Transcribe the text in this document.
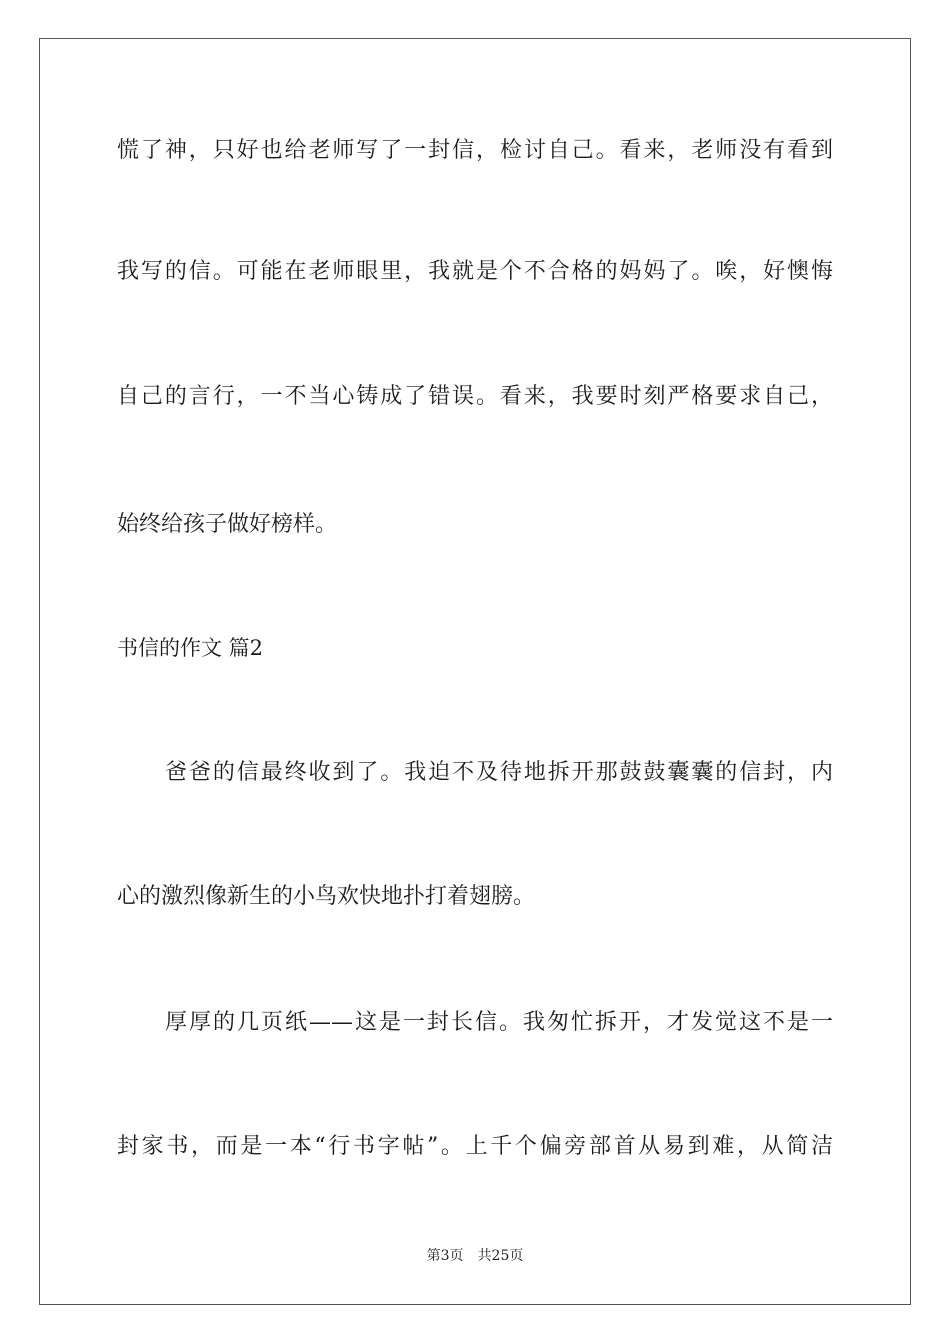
慌了神，只好也给老师写了一封信，检讨自己。看来，老师没有看到
我写的信。可能在老师眼里，我就是个不合格的妈妈了。唉，好懊悔
自己的言行，一不当心铸成了错误。看来，我要时刻严格要求自己，
始终给孩子做好榜样。
书信的作文 篇2
爸爸的信最终收到了。我迫不及待地拆开那鼓鼓囊囊的信封，内
心的激烈像新生的小鸟欢快地扑打着翅膀。
厚厚的几页纸——这是一封长信。我匆忙拆开，才发觉这不是一
封家书，而是一本“行书字帖”。上千个偏旁部首从易到难，从简洁
第3页 共25页
